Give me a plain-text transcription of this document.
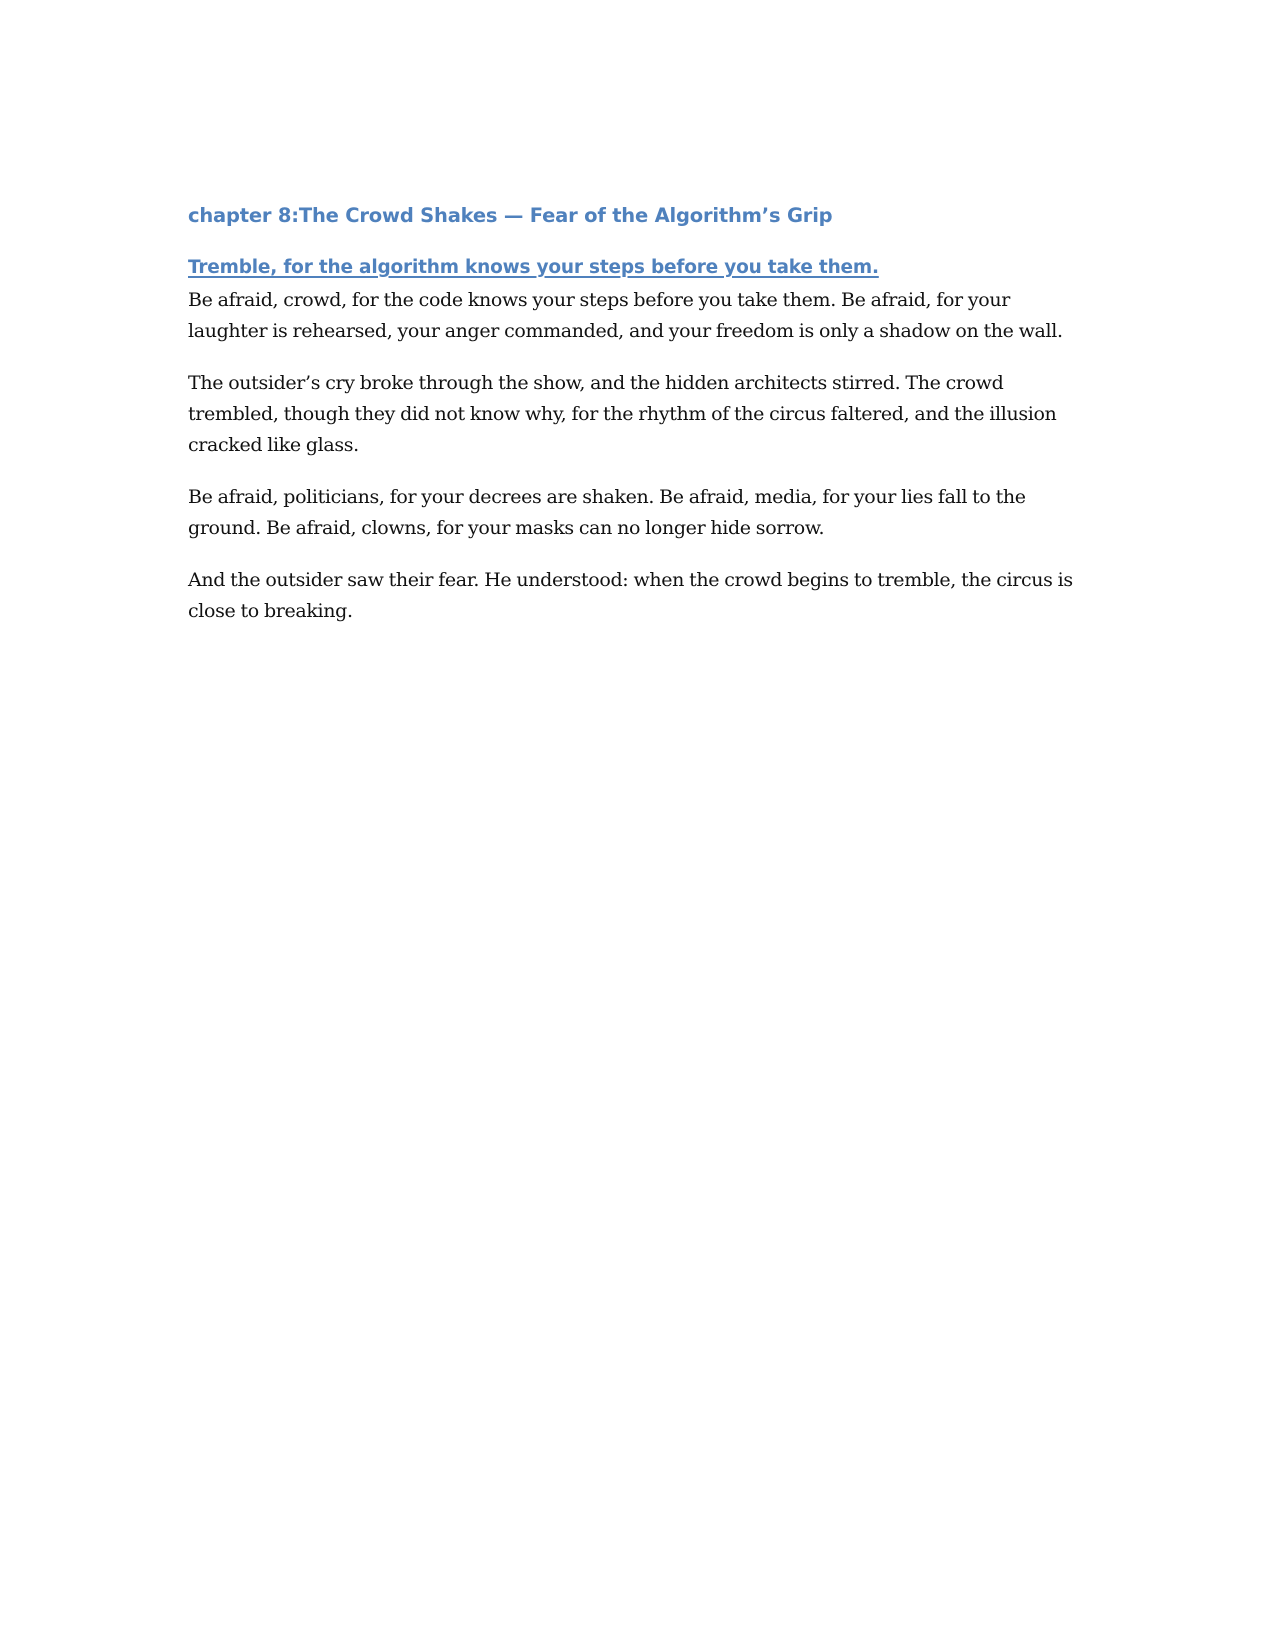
chapter 8:The Crowd Shakes — Fear of the Algorithm’s Grip
Tremble, for the algorithm knows your steps before you take them.

Be afraid, crowd, for the code knows your steps before you take them. Be afraid, for your laughter is rehearsed, your anger commanded, and your freedom is only a shadow on the wall.

The outsider’s cry broke through the show, and the hidden architects stirred. The crowd trembled, though they did not know why, for the rhythm of the circus faltered, and the illusion cracked like glass.

Be afraid, politicians, for your decrees are shaken. Be afraid, media, for your lies fall to the ground. Be afraid, clowns, for your masks can no longer hide sorrow.

And the outsider saw their fear. He understood: when the crowd begins to tremble, the circus is close to breaking.
